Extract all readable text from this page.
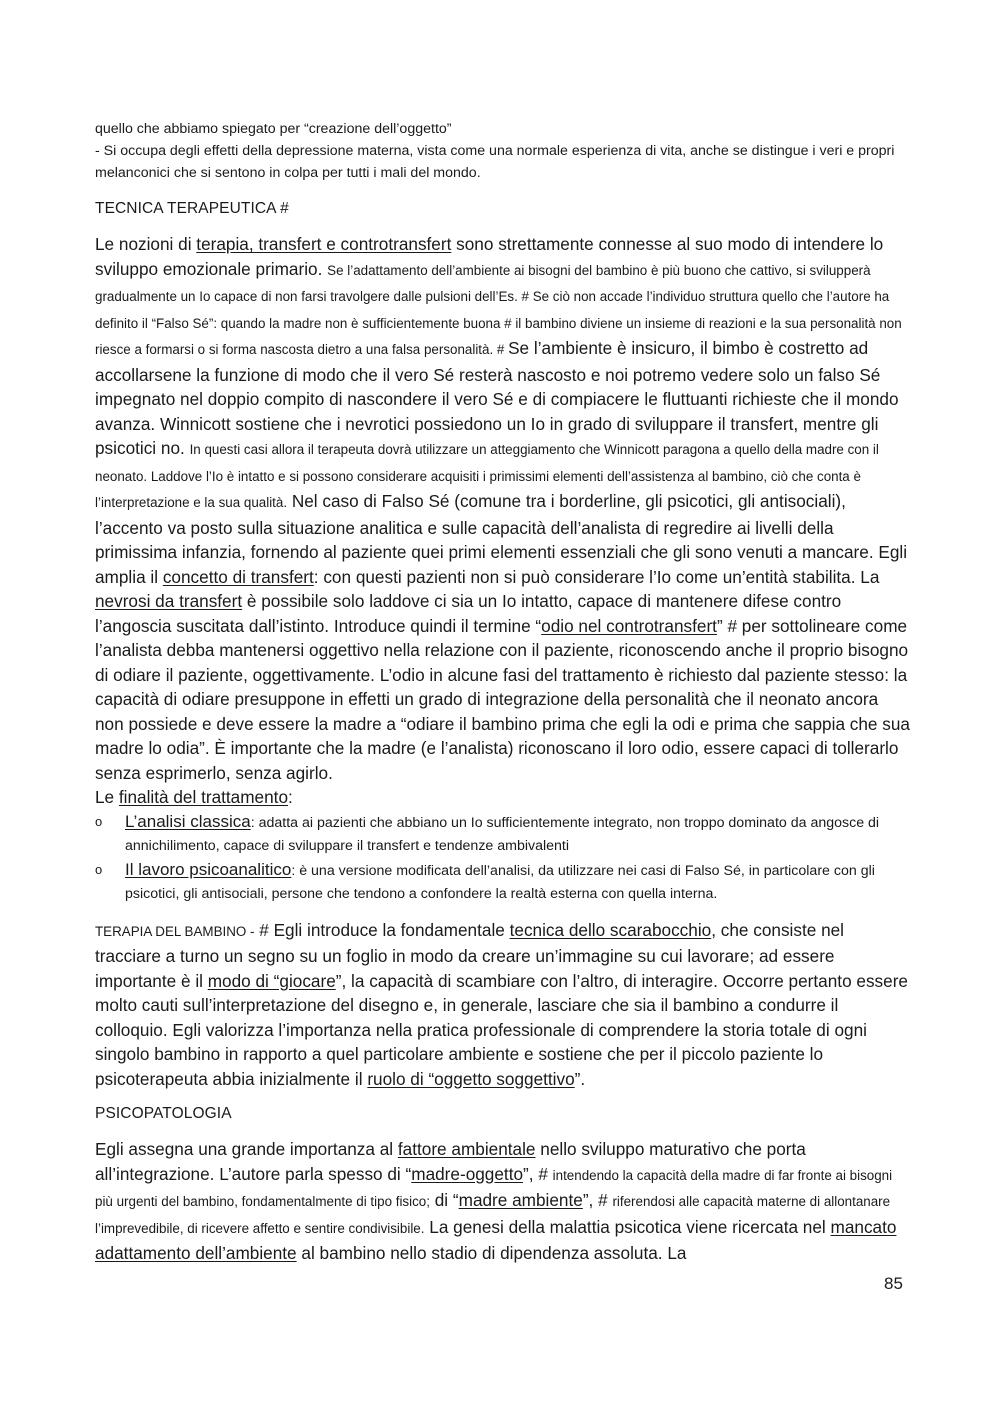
quello che abbiamo spiegato per “creazione dell’oggetto”
- Si occupa degli effetti della depressione materna, vista come una normale esperienza di vita, anche se distingue i veri e propri melanconici che si sentono in colpa per tutti i mali del mondo.

TECNICA TERAPEUTICA #

Le nozioni di terapia, transfert e controtransfert sono strettamente connesse al suo modo di intendere lo sviluppo emozionale primario. Se l’adattamento dell’ambiente ai bisogni del bambino è più buono che cattivo, si svilupperà gradualmente un Io capace di non farsi travolgere dalle pulsioni dell’Es. # Se ciò non accade l’individuo struttura quello che l’autore ha definito il “Falso Sé”: quando la madre non è sufficientemente buona # il bambino diviene un insieme di reazioni e la sua personalità non riesce a formarsi o si forma nascosta dietro a una falsa personalità. # Se l’ambiente è insicuro, il bimbo è costretto ad accollarsene la funzione di modo che il vero Sé resterà nascosto e noi potremo vedere solo un falso Sé impegnato nel doppio compito di nascondere il vero Sé e di compiacere le fluttuanti richieste che il mondo avanza. Winnicott sostiene che i nevrotici possiedono un Io in grado di sviluppare il transfert, mentre gli psicotici no. In questi casi allora il terapeuta dovrà utilizzare un atteggiamento che Winnicott paragona a quello della madre con il neonato. Laddove l’Io è intatto e si possono considerare acquisiti i primissimi elementi dell’assistenza al bambino, ciò che conta è l’interpretazione e la sua qualità. Nel caso di Falso Sé (comune tra i borderline, gli psicotici, gli antisociali), l’accento va posto sulla situazione analitica e sulle capacità dell’analista di regredire ai livelli della primissima infanzia, fornendo al paziente quei primi elementi essenziali che gli sono venuti a mancare. Egli amplia il concetto di transfert: con questi pazienti non si può considerare l’Io come un’entità stabilita. La nevrosi da transfert è possibile solo laddove ci sia un Io intatto, capace di mantenere difese contro l’angoscia suscitata dall’istinto. Introduce quindi il termine “odio nel controtransfert” # per sottolineare come l’analista debba mantenersi oggettivo nella relazione con il paziente, riconoscendo anche il proprio bisogno di odiare il paziente, oggettivamente. L’odio in alcune fasi del trattamento è richiesto dal paziente stesso: la capacità di odiare presuppone in effetti un grado di integrazione della personalità che il neonato ancora non possiede e deve essere la madre a “odiare il bambino prima che egli la odi e prima che sappia che sua madre lo odia”. È importante che la madre (e l’analista) riconoscano il loro odio, essere capaci di tollerarlo senza esprimerlo, senza agirlo.

Le finalità del trattamento:

o L’analisi classica: adatta ai pazienti che abbiano un Io sufficientemente integrato, non troppo dominato da angosce di annichilimento, capace di sviluppare il transfert e tendenze ambivalenti
o Il lavoro psicoanalitico: è una versione modificata dell’analisi, da utilizzare nei casi di Falso Sé, in particolare con gli psicotici, gli antisociali, persone che tendono a confondere la realtà esterna con quella interna.

TERAPIA DEL BAMBINO - # Egli introduce la fondamentale tecnica dello scarabocchio, che consiste nel tracciare a turno un segno su un foglio in modo da creare un’immagine su cui lavorare; ad essere importante è il modo di “giocare”, la capacità di scambiare con l’altro, di interagire. Occorre pertanto essere molto cauti sull’interpretazione del disegno e, in generale, lasciare che sia il bambino a condurre il colloquio. Egli valorizza l’importanza nella pratica professionale di comprendere la storia totale di ogni singolo bambino in rapporto a quel particolare ambiente e sostiene che per il piccolo paziente lo psicoterapeuta abbia inizialmente il ruolo di “oggetto soggettivo”.

PSICOPATOLOGIA

Egli assegna una grande importanza al fattore ambientale nello sviluppo maturativo che porta all’integrazione. L’autore parla spesso di “madre-oggetto”, # intendendo la capacità della madre di far fronte ai bisogni più urgenti del bambino, fondamentalmente di tipo fisico; di “madre ambiente”, # riferendosi alle capacità materne di allontanare l’imprevedibile, di ricevere affetto e sentire condivisibile. La genesi della malattia psicotica viene ricercata nel mancato adattamento dell’ambiente al bambino nello stadio di dipendenza assoluta. La

85
